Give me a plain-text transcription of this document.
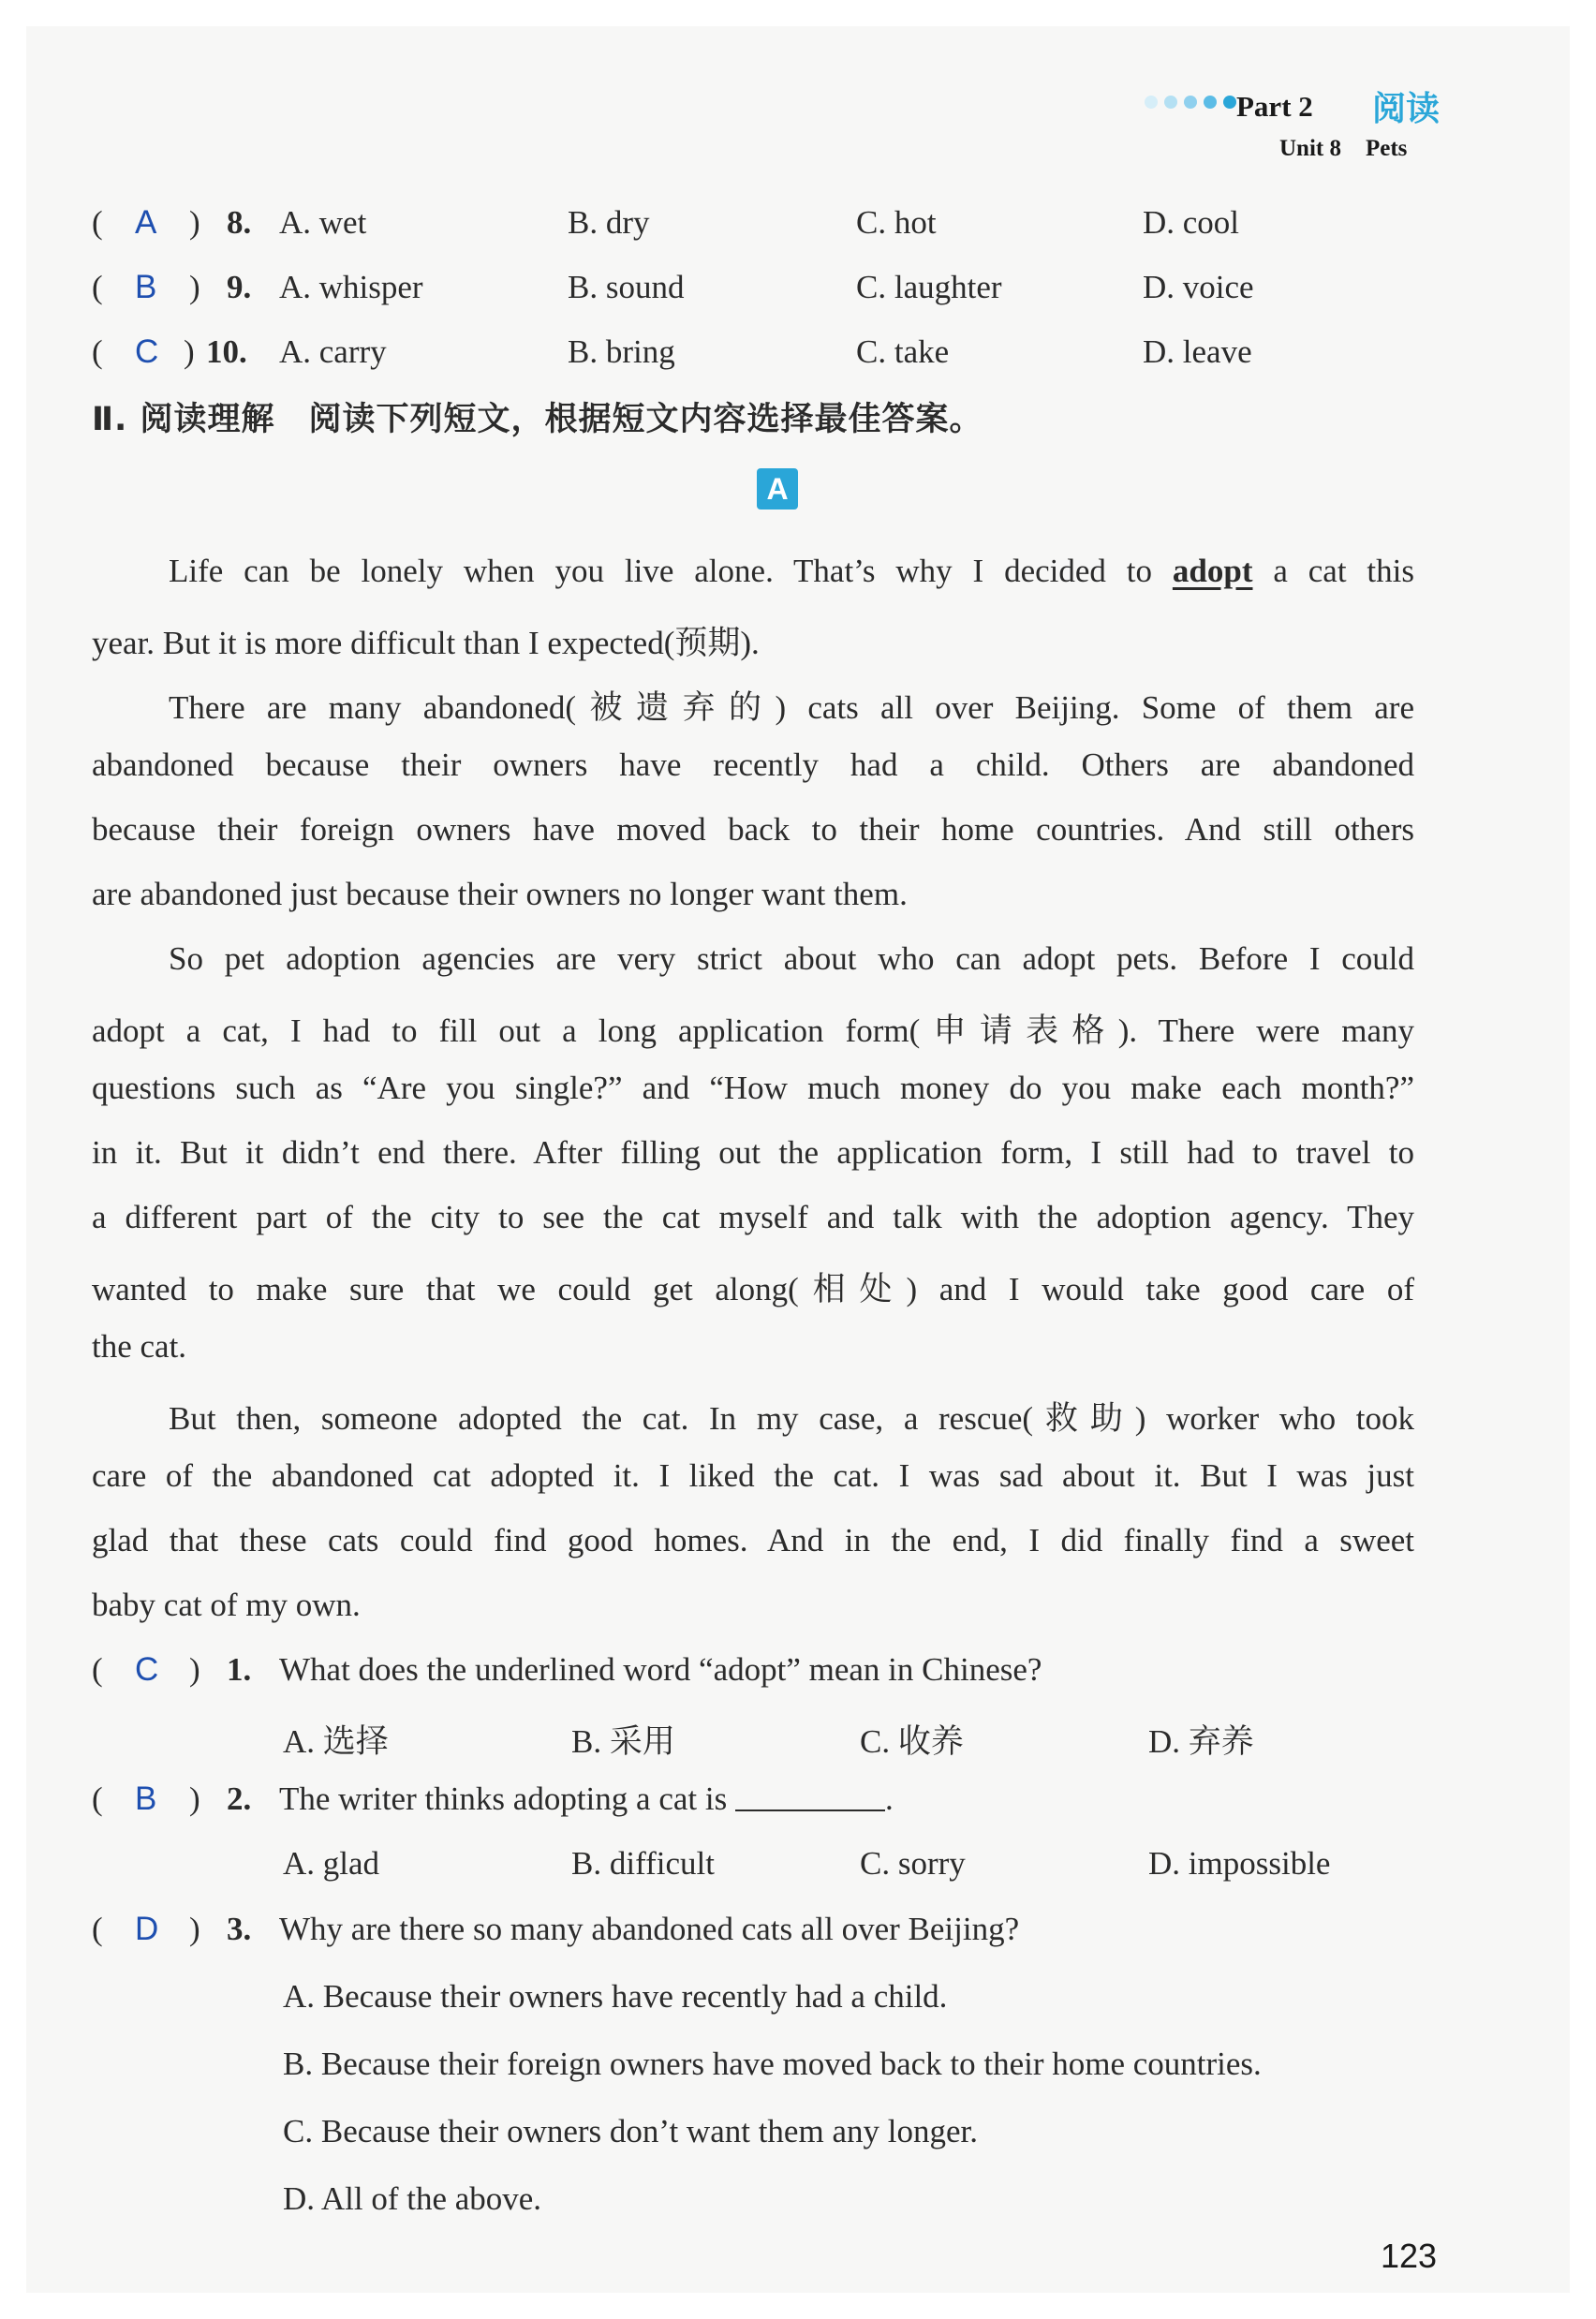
Part 2 阅读
Unit 8 Pets
( A ) 8. A. wet	B. dry	C. hot	D. cool
( B ) 9. A. whisper	B. sound	C. laughter	D. voice
( C ) 10. A. carry	B. bring	C. take	D. leave
Ⅱ. 阅读理解　阅读下列短文，根据短文内容选择最佳答案。
A
Life can be lonely when you live alone. That’s why I decided to adopt a cat this
year. But it is more difficult than I expected(预期).
There are many abandoned(被遗弃的) cats all over Beijing. Some of them are
abandoned because their owners have recently had a child. Others are abandoned
because their foreign owners have moved back to their home countries. And still others
are abandoned just because their owners no longer want them.
So pet adoption agencies are very strict about who can adopt pets. Before I could
adopt a cat, I had to fill out a long application form(申请表格). There were many
questions such as “Are you single?” and “How much money do you make each month?”
in it. But it didn’t end there. After filling out the application form, I still had to travel to
a different part of the city to see the cat myself and talk with the adoption agency. They
wanted to make sure that we could get along(相处) and I would take good care of
the cat.
But then, someone adopted the cat. In my case, a rescue(救助) worker who took
care of the abandoned cat adopted it. I liked the cat. I was sad about it. But I was just
glad that these cats could find good homes. And in the end, I did finally find a sweet
baby cat of my own.
( C ) 1. What does the underlined word “adopt” mean in Chinese?
A. 选择	B. 采用	C. 收养	D. 弃养
( B ) 2. The writer thinks adopting a cat is	.
A. glad	B. difficult	C. sorry	D. impossible
( D ) 3. Why are there so many abandoned cats all over Beijing?
A. Because their owners have recently had a child.
B. Because their foreign owners have moved back to their home countries.
C. Because their owners don’t want them any longer.
D. All of the above.
123
